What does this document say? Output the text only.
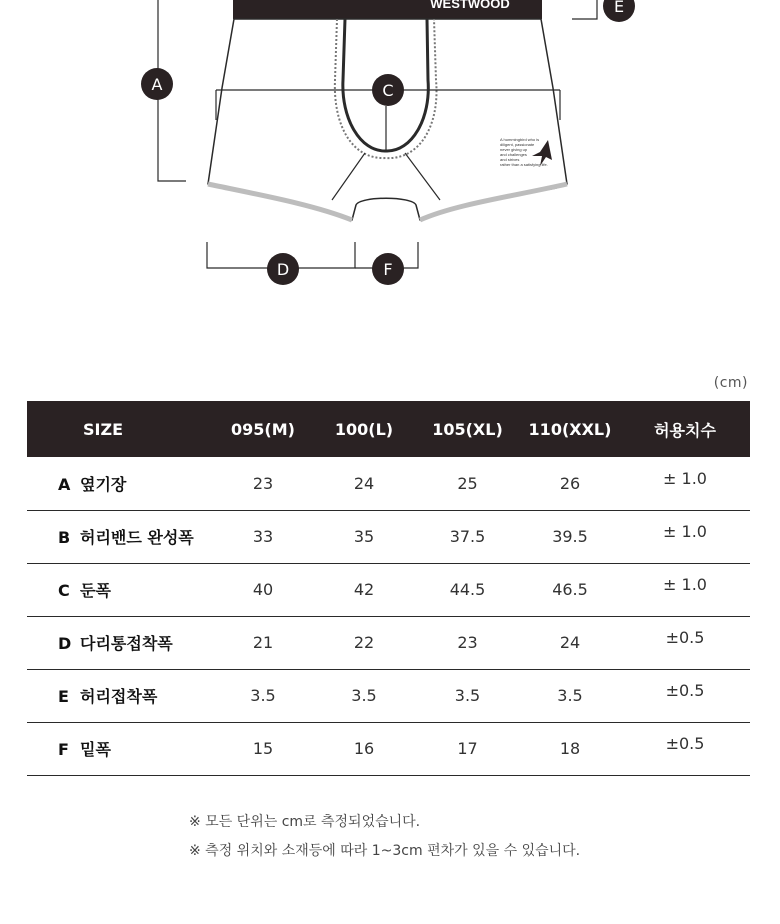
WESTWOOD
A hummingbird who is
diligent, passionate
never giving up
and challenges
and strives
rather than a satisfying life.
A	C
D
E
F
(cm)
SIZE	095(M)	100(L)	105(XL)	110(XXL)	허용치수
A 옆기장	23	24	25	26	± 1.0
B 허리밴드 완성폭	33	35	37.5	39.5	± 1.0
C 둔폭	40	42	44.5	46.5	± 1.0
D 다리통접착폭	21	22	23	24	±0.5
E 허리접착폭	3.5	3.5	3.5	3.5	±0.5
F 밑폭	15	16	17	18	±0.5
※ 모든 단위는 cm로 측정되었습니다.
※ 측정 위치와 소재등에 따라 1~3cm 편차가 있을 수 있습니다.
